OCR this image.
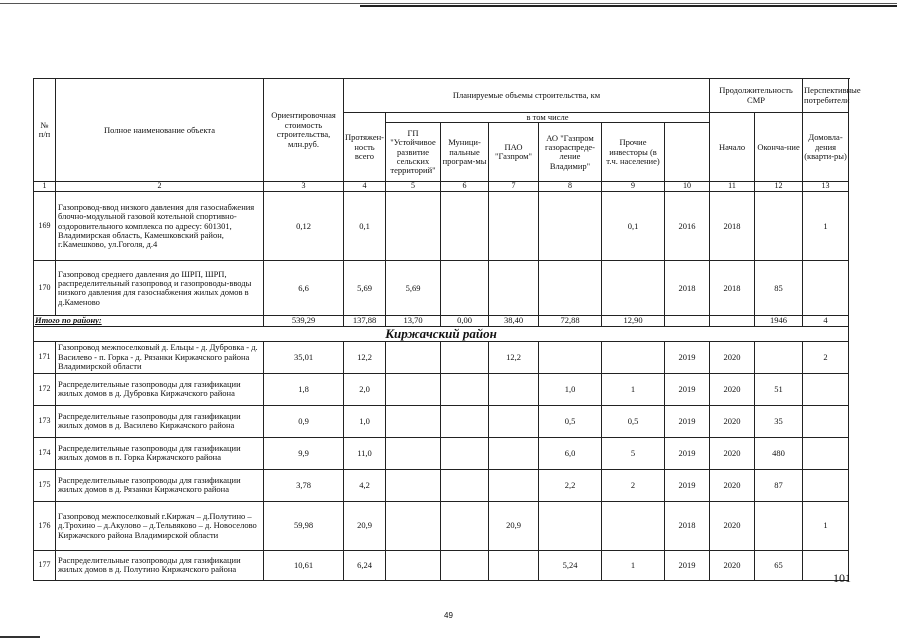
№
п/п	Полное наименование объекта	Ориентировочная стоимость строительства, млн.руб.	Планируемые объемы строительства, км							Продолжительность СМР		Перспективные потребители	
			Протяжен-ность всего	в том числе						Начало	Оконча-ние	Домовла-дения (кварти-ры)	
				ГП "Устойчивое развитие сельских территорий"	Муници-пальные програм-мы	ПАО "Газпром"	АО "Газпром газораспреде-ление Владимир"	Прочие инвесторы (в т.ч. население)					
1	2	3	4	5	6	7	8	9	10	11	12	13	
169	Газопровод-ввод низкого давления для газоснабжения блочно-модульной газовой котельной спортивно-оздоровительного комплекса по адресу: 601301, Владимирская область, Камешковский район, г.Камешково, ул.Гоголя, д.4	0,12	0,1					0,1	2016	2018		1	
170	Газопровод среднего давления до ШРП, ШРП, распределительный газопровод и газопроводы-вводы низкого давления для газоснабжения жилых домов в д.Каменово	6,6	5,69	5,69					2018	2018	85		
Итого по району:		539,29	137,88	13,70	0,00	38,40	72,88	12,90			1946	4	
Киржачский район													
171	Газопровод межпоселковый д. Ельцы - д. Дубровка - д. Василево - п. Горка - д. Рязанки Киржачского района Владимирской области	35,01	12,2			12,2			2019	2020		2	
172	Распределительные газопроводы для газификации жилых домов в д. Дубровка Киржачского района	1,8	2,0				1,0	1	2019	2020	51		
173	Распределительные газопроводы для газификации жилых домов в д. Василево Киржачского района	0,9	1,0				0,5	0,5	2019	2020	35		
174	Распределительные газопроводы для газификации жилых домов в п. Горка Киржачского района	9,9	11,0				6,0	5	2019	2020	480		
175	Распределительные газопроводы для газификации жилых домов в д. Рязанки Киржачского района	3,78	4,2				2,2	2	2019	2020	87		
176	Газопровод межпоселковый г.Киржач – д.Полутино – д.Трохино – д.Акулово – д.Тельвяково – д. Новоселово Киржачского района Владимирской области	59,98	20,9			20,9			2018	2020		1	
177	Распределительные газопроводы для газификации жилых домов в д. Полутино Киржачского района	10,61	6,24				5,24	1	2019	2020	65		
101
49
